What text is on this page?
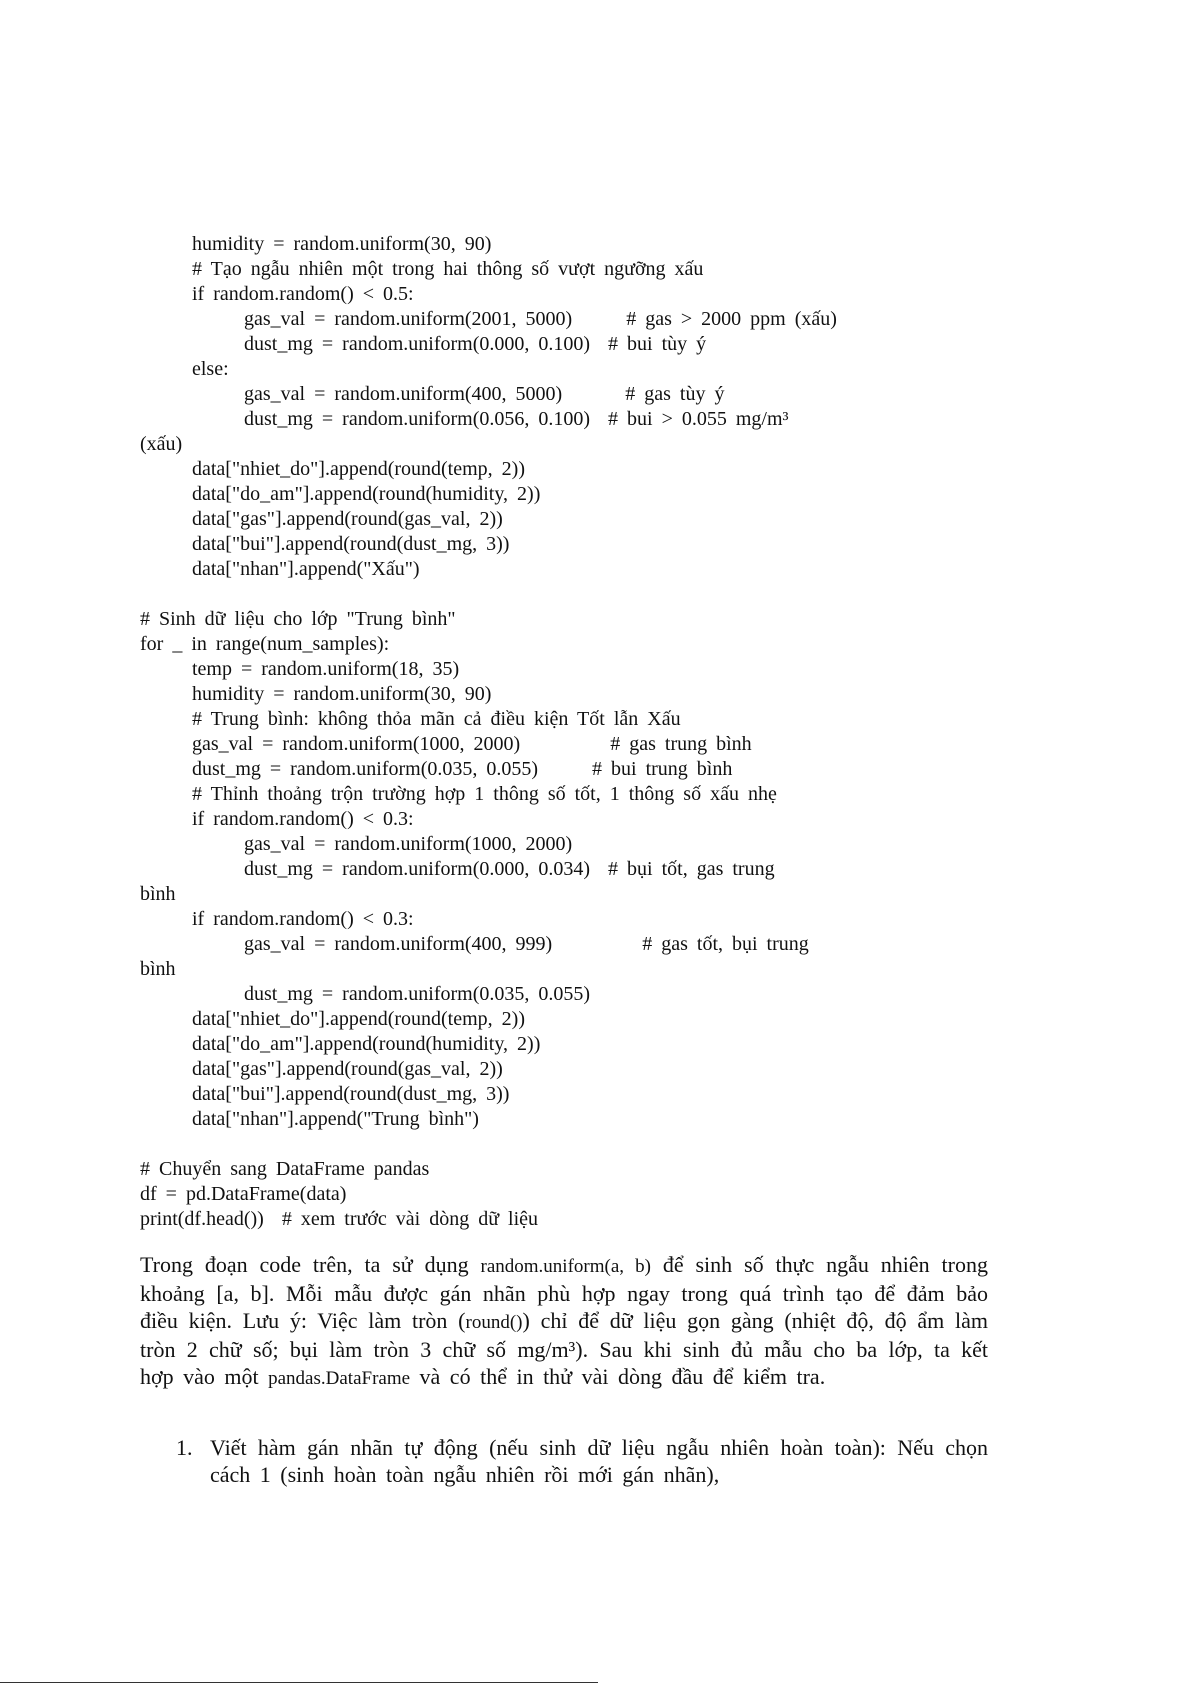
humidity = random.uniform(30, 90)
# Tạo ngẫu nhiên một trong hai thông số vượt ngưỡng xấu
if random.random() < 0.5:
gas_val = random.uniform(2001, 5000)      # gas > 2000 ppm (xấu)
dust_mg = random.uniform(0.000, 0.100)  # bui tùy ý
else:
gas_val = random.uniform(400, 5000)       # gas tùy ý
dust_mg = random.uniform(0.056, 0.100)  # bui > 0.055 mg/m³
(xấu)
data["nhiet_do"].append(round(temp, 2))
data["do_am"].append(round(humidity, 2))
data["gas"].append(round(gas_val, 2))
data["bui"].append(round(dust_mg, 3))
data["nhan"].append("Xấu")
# Sinh dữ liệu cho lớp "Trung bình"
for _ in range(num_samples):
temp = random.uniform(18, 35)
humidity = random.uniform(30, 90)
# Trung bình: không thỏa mãn cả điều kiện Tốt lẫn Xấu
gas_val = random.uniform(1000, 2000)          # gas trung bình
dust_mg = random.uniform(0.035, 0.055)      # bui trung bình
# Thỉnh thoảng trộn trường hợp 1 thông số tốt, 1 thông số xấu nhẹ
if random.random() < 0.3:
gas_val = random.uniform(1000, 2000)
dust_mg = random.uniform(0.000, 0.034)  # bụi tốt, gas trung
bình
if random.random() < 0.3:
gas_val = random.uniform(400, 999)          # gas tốt, bụi trung
bình
dust_mg = random.uniform(0.035, 0.055)
data["nhiet_do"].append(round(temp, 2))
data["do_am"].append(round(humidity, 2))
data["gas"].append(round(gas_val, 2))
data["bui"].append(round(dust_mg, 3))
data["nhan"].append("Trung bình")
# Chuyển sang DataFrame pandas
df = pd.DataFrame(data)
print(df.head())  # xem trước vài dòng dữ liệu
Trong đoạn code trên, ta sử dụng random.uniform(a, b) để sinh số thực ngẫu nhiên trong khoảng [a, b]. Mỗi mẫu được gán nhãn phù hợp ngay trong quá trình tạo để đảm bảo điều kiện. Lưu ý: Việc làm tròn (round()) chỉ để dữ liệu gọn gàng (nhiệt độ, độ ẩm làm tròn 2 chữ số; bụi làm tròn 3 chữ số mg/m³). Sau khi sinh đủ mẫu cho ba lớp, ta kết hợp vào một pandas.DataFrame và có thể in thử vài dòng đầu để kiểm tra.
1. Viết hàm gán nhãn tự động (nếu sinh dữ liệu ngẫu nhiên hoàn toàn): Nếu chọn cách 1 (sinh hoàn toàn ngẫu nhiên rồi mới gán nhãn),
